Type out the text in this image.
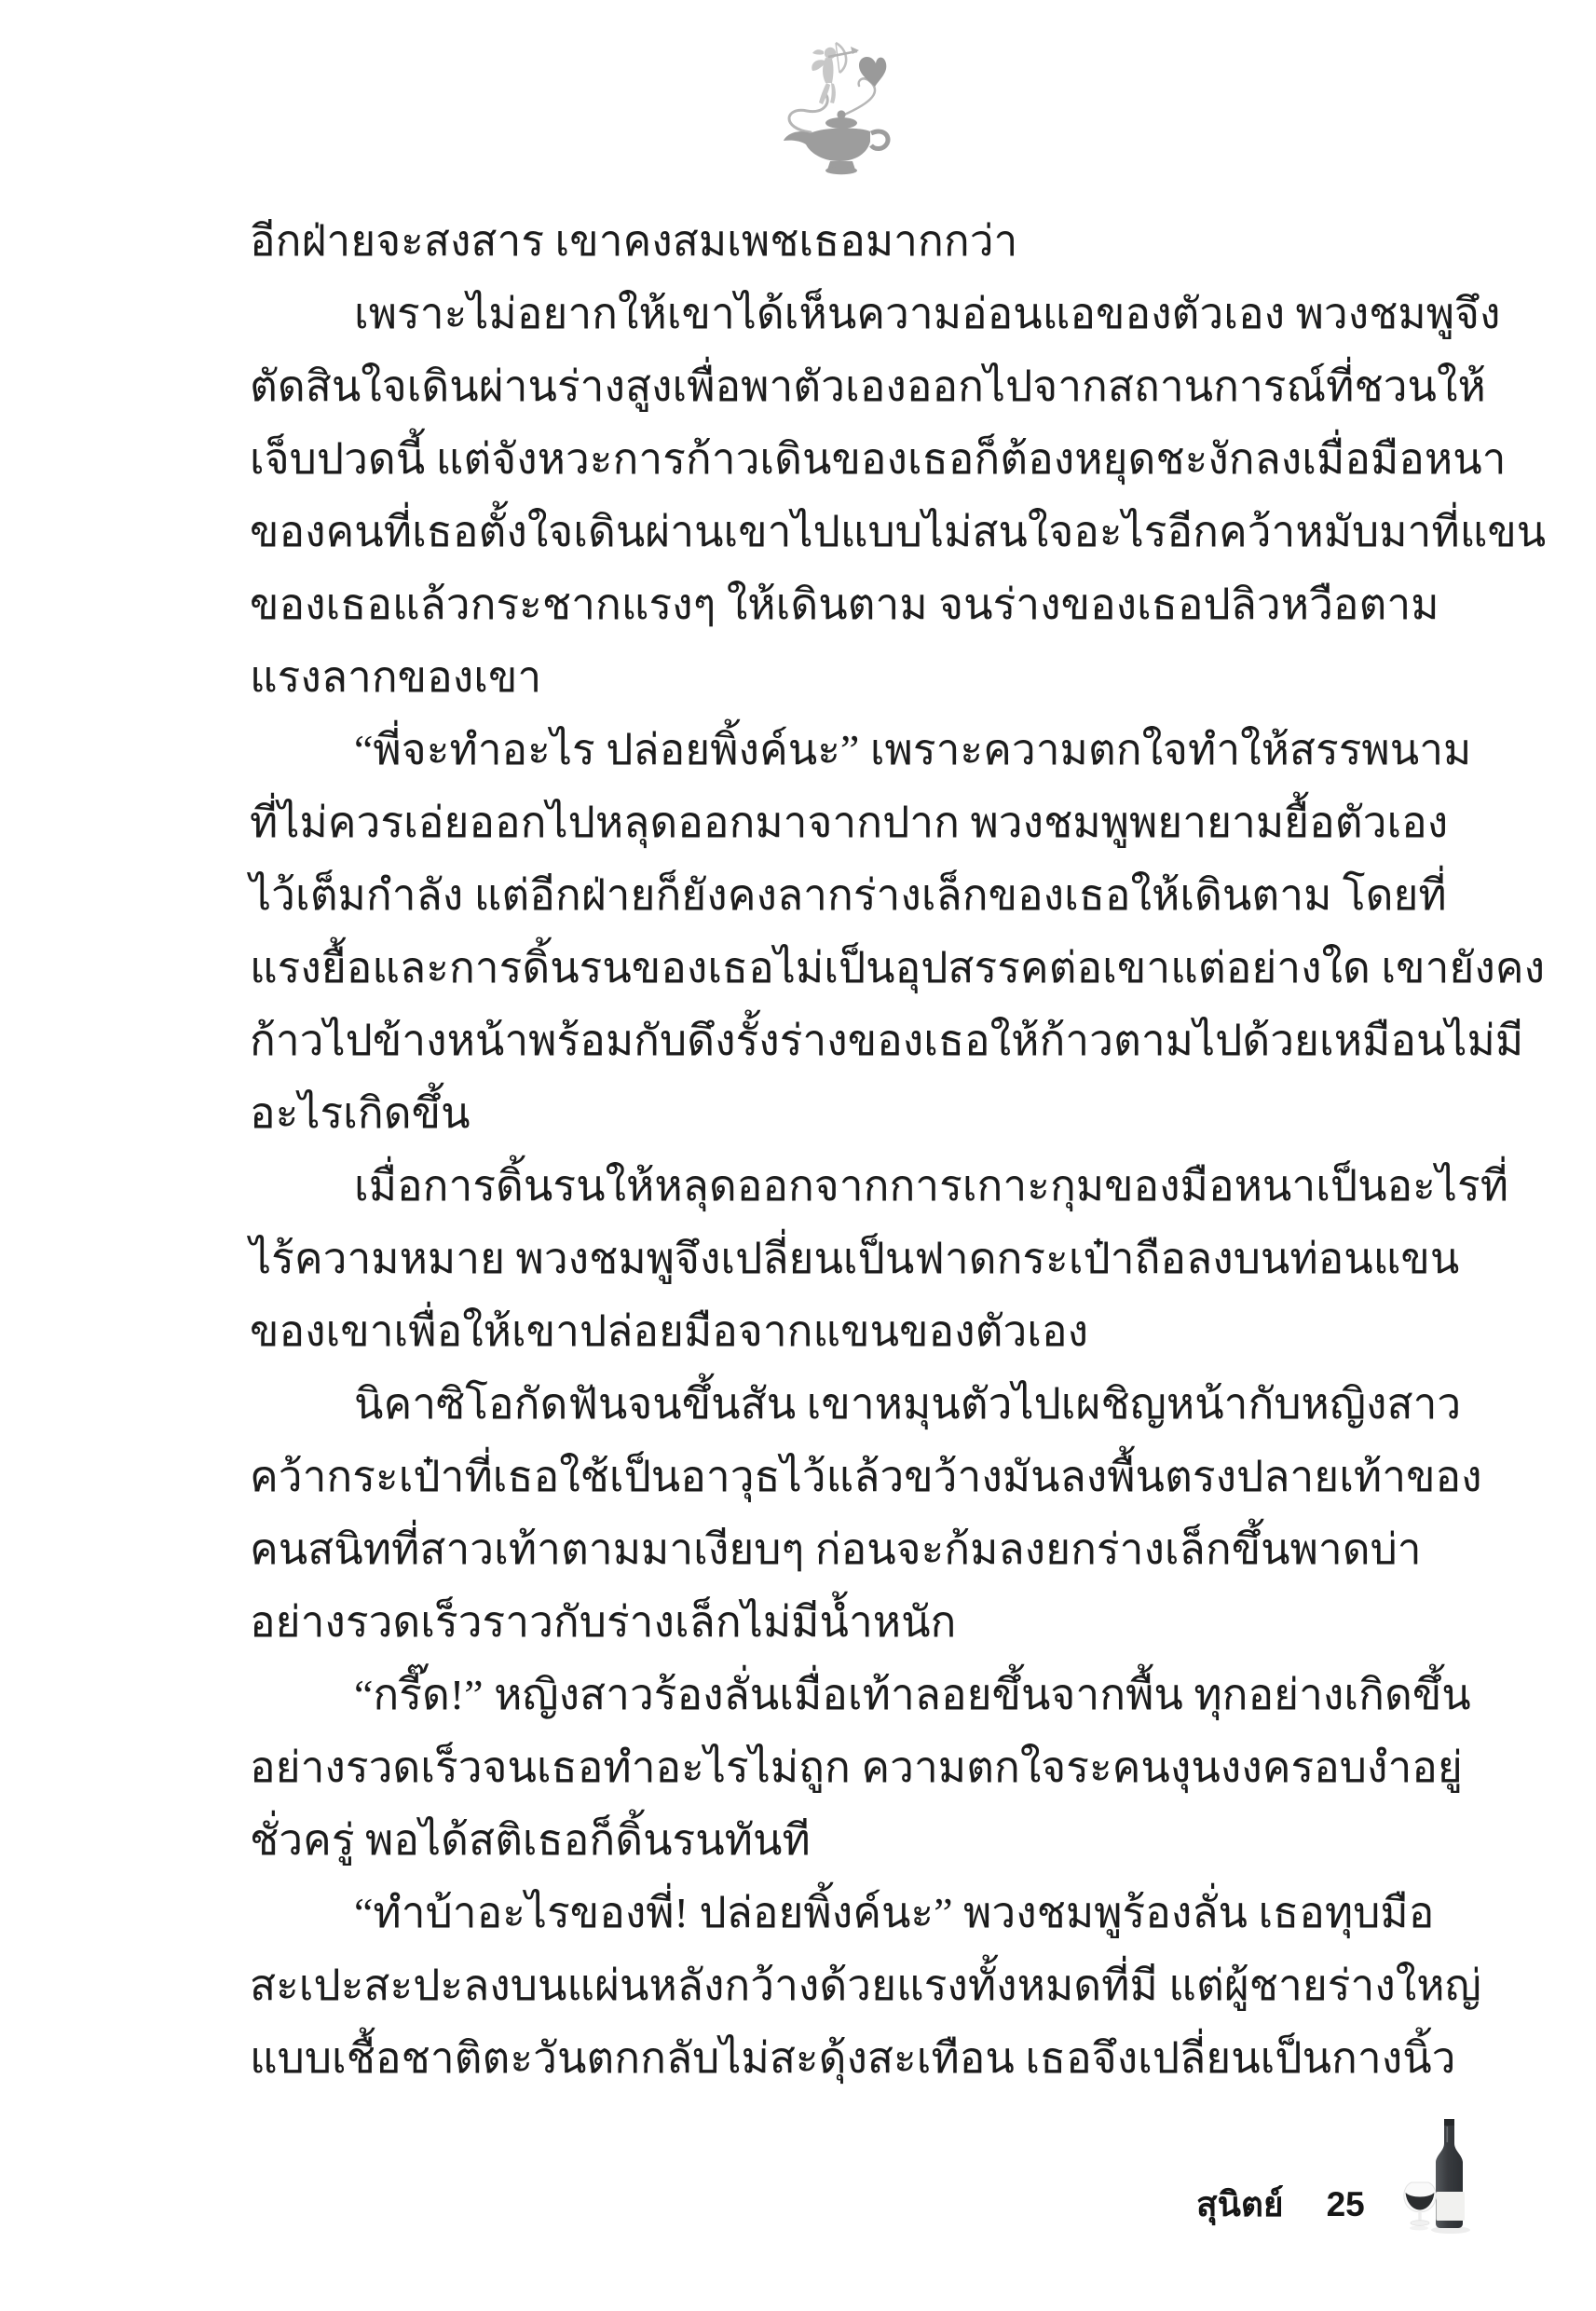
อีกฝ่ายจะสงสาร เขาคงสมเพชเธอมากกว่า
เพราะไม่อยากให้เขาได้เห็นความอ่อนแอของตัวเอง พวงชมพูจึง
ตัดสินใจเดินผ่านร่างสูงเพื่อพาตัวเองออกไปจากสถานการณ์ที่ชวนให้
เจ็บปวดนี้ แต่จังหวะการก้าวเดินของเธอก็ต้องหยุดชะงักลงเมื่อมือหนา
ของคนที่เธอตั้งใจเดินผ่านเขาไปแบบไม่สนใจอะไรอีกคว้าหมับมาที่แขน
ของเธอแล้วกระชากแรงๆ ให้เดินตาม จนร่างของเธอปลิวหวือตาม
แรงลากของเขา
“พี่จะทำอะไร ปล่อยพิ้งค์นะ” เพราะความตกใจทำให้สรรพนาม
ที่ไม่ควรเอ่ยออกไปหลุดออกมาจากปาก พวงชมพูพยายามยื้อตัวเอง
ไว้เต็มกำลัง แต่อีกฝ่ายก็ยังคงลากร่างเล็กของเธอให้เดินตาม โดยที่
แรงยื้อและการดิ้นรนของเธอไม่เป็นอุปสรรคต่อเขาแต่อย่างใด เขายังคง
ก้าวไปข้างหน้าพร้อมกับดึงรั้งร่างของเธอให้ก้าวตามไปด้วยเหมือนไม่มี
อะไรเกิดขึ้น
เมื่อการดิ้นรนให้หลุดออกจากการเกาะกุมของมือหนาเป็นอะไรที่
ไร้ความหมาย พวงชมพูจึงเปลี่ยนเป็นฟาดกระเป๋าถือลงบนท่อนแขน
ของเขาเพื่อให้เขาปล่อยมือจากแขนของตัวเอง
นิคาซิโอกัดฟันจนขึ้นสัน เขาหมุนตัวไปเผชิญหน้ากับหญิงสาว
คว้ากระเป๋าที่เธอใช้เป็นอาวุธไว้แล้วขว้างมันลงพื้นตรงปลายเท้าของ
คนสนิทที่สาวเท้าตามมาเงียบๆ ก่อนจะก้มลงยกร่างเล็กขึ้นพาดบ่า
อย่างรวดเร็วราวกับร่างเล็กไม่มีน้ำหนัก
“กรี๊ด!” หญิงสาวร้องลั่นเมื่อเท้าลอยขึ้นจากพื้น ทุกอย่างเกิดขึ้น
อย่างรวดเร็วจนเธอทำอะไรไม่ถูก ความตกใจระคนงุนงงครอบงำอยู่
ชั่วครู่ พอได้สติเธอก็ดิ้นรนทันที
“ทำบ้าอะไรของพี่! ปล่อยพิ้งค์นะ” พวงชมพูร้องลั่น เธอทุบมือ
สะเปะสะปะลงบนแผ่นหลังกว้างด้วยแรงทั้งหมดที่มี แต่ผู้ชายร่างใหญ่
แบบเชื้อชาติตะวันตกกลับไม่สะดุ้งสะเทือน เธอจึงเปลี่ยนเป็นกางนิ้ว
สุนิตย์ 25
